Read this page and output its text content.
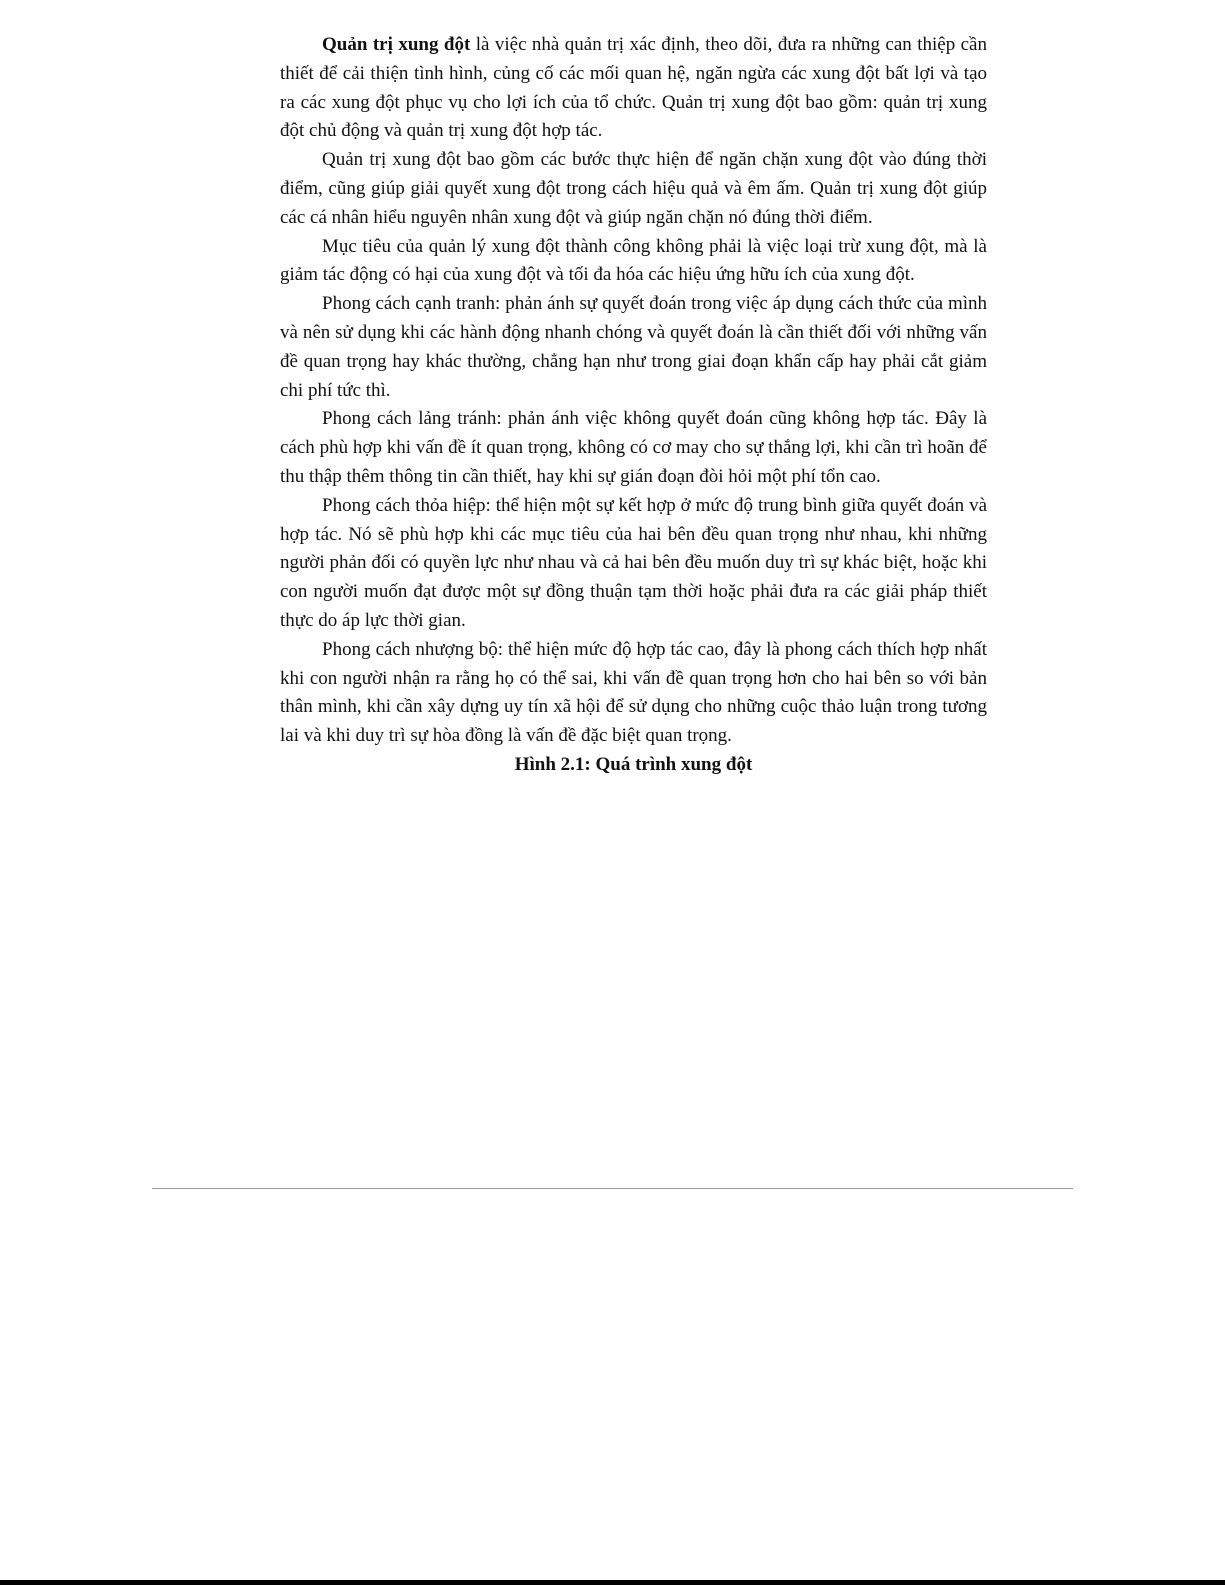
Quản trị xung đột là việc nhà quản trị xác định, theo dõi, đưa ra những can thiệp cần thiết để cải thiện tình hình, củng cố các mối quan hệ, ngăn ngừa các xung đột bất lợi và tạo ra các xung đột phục vụ cho lợi ích của tổ chức. Quản trị xung đột bao gồm: quản trị xung đột chủ động và quản trị xung đột hợp tác.

Quản trị xung đột bao gồm các bước thực hiện để ngăn chặn xung đột vào đúng thời điểm, cũng giúp giải quyết xung đột trong cách hiệu quả và êm ấm. Quản trị xung đột giúp các cá nhân hiểu nguyên nhân xung đột và giúp ngăn chặn nó đúng thời điểm.

Mục tiêu của quản lý xung đột thành công không phải là việc loại trừ xung đột, mà là giảm tác động có hại của xung đột và tối đa hóa các hiệu ứng hữu ích của xung đột.

Phong cách cạnh tranh: phản ánh sự quyết đoán trong việc áp dụng cách thức của mình và nên sử dụng khi các hành động nhanh chóng và quyết đoán là cần thiết đối với những vấn đề quan trọng hay khác thường, chẳng hạn như trong giai đoạn khẩn cấp hay phải cắt giảm chi phí tức thì.

Phong cách lảng tránh: phản ánh việc không quyết đoán cũng không hợp tác. Đây là cách phù hợp khi vấn đề ít quan trọng, không có cơ may cho sự thắng lợi, khi cần trì hoãn để thu thập thêm thông tin cần thiết, hay khi sự gián đoạn đòi hỏi một phí tổn cao.

Phong cách thỏa hiệp: thể hiện một sự kết hợp ở mức độ trung bình giữa quyết đoán và hợp tác. Nó sẽ phù hợp khi các mục tiêu của hai bên đều quan trọng như nhau, khi những người phản đối có quyền lực như nhau và cả hai bên đều muốn duy trì sự khác biệt, hoặc khi con người muốn đạt được một sự đồng thuận tạm thời hoặc phải đưa ra các giải pháp thiết thực do áp lực thời gian.

Phong cách nhượng bộ: thể hiện mức độ hợp tác cao, đây là phong cách thích hợp nhất khi con người nhận ra rằng họ có thể sai, khi vấn đề quan trọng hơn cho hai bên so với bản thân mình, khi cần xây dựng uy tín xã hội để sử dụng cho những cuộc thảo luận trong tương lai và khi duy trì sự hòa đồng là vấn đề đặc biệt quan trọng.

Hình 2.1: Quá trình xung đột
